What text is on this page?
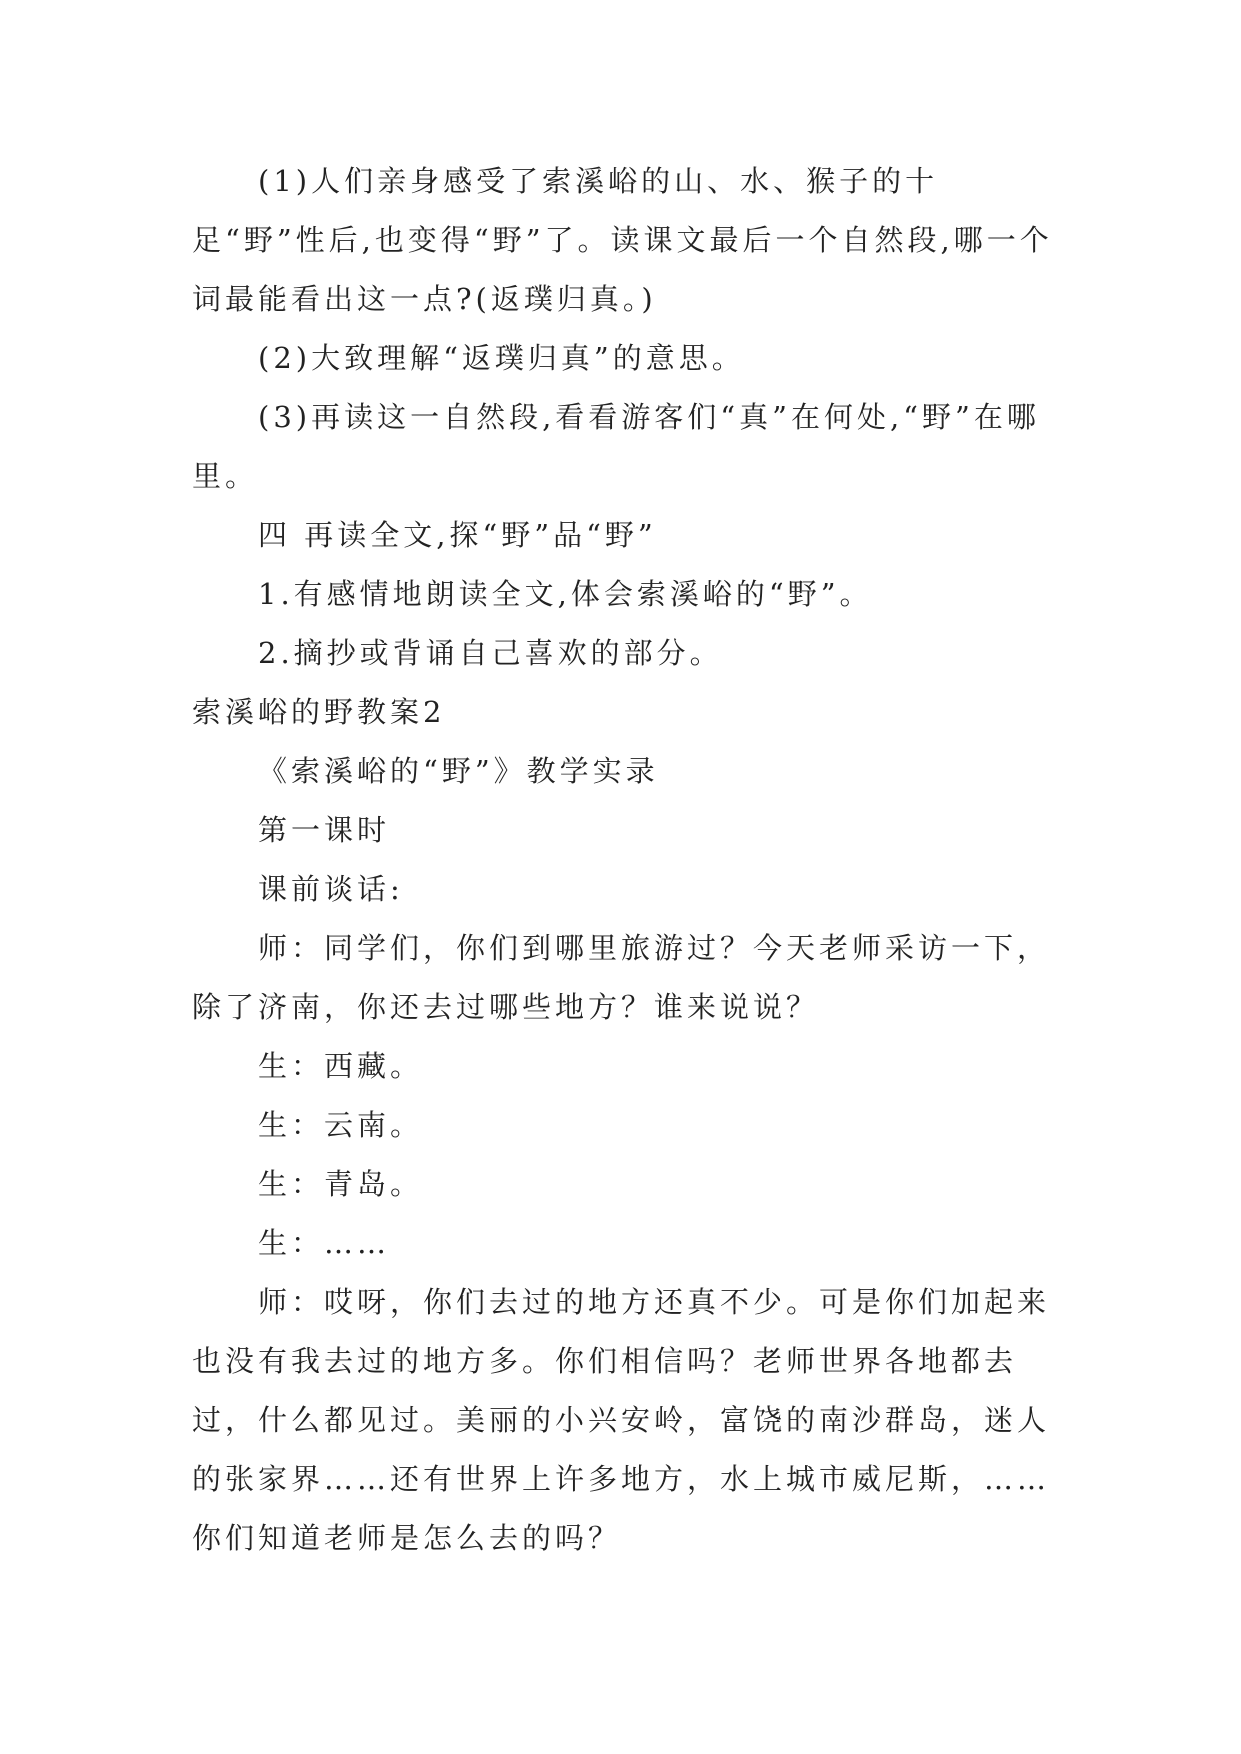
(1)人们亲身感受了索溪峪的山、水、猴子的十足“野”性后,也变得“野”了。读课文最后一个自然段,哪一个词最能看出这一点?(返璞归真。)

(2)大致理解“返璞归真”的意思。

(3)再读这一自然段,看看游客们“真”在何处,“野”在哪里。

四 再读全文,探“野”品“野”

1.有感情地朗读全文,体会索溪峪的“野”。

2.摘抄或背诵自己喜欢的部分。

索溪峪的野教案2

《索溪峪的“野”》教学实录

第一课时

课前谈话:

师：同学们，你们到哪里旅游过？今天老师采访一下，除了济南，你还去过哪些地方？谁来说说？

生：西藏。

生：云南。

生：青岛。

生：……

师：哎呀，你们去过的地方还真不少。可是你们加起来也没有我去过的地方多。你们相信吗？老师世界各地都去过，什么都见过。美丽的小兴安岭，富饶的南沙群岛，迷人的张家界……还有世界上许多地方，水上城市威尼斯，……你们知道老师是怎么去的吗？
